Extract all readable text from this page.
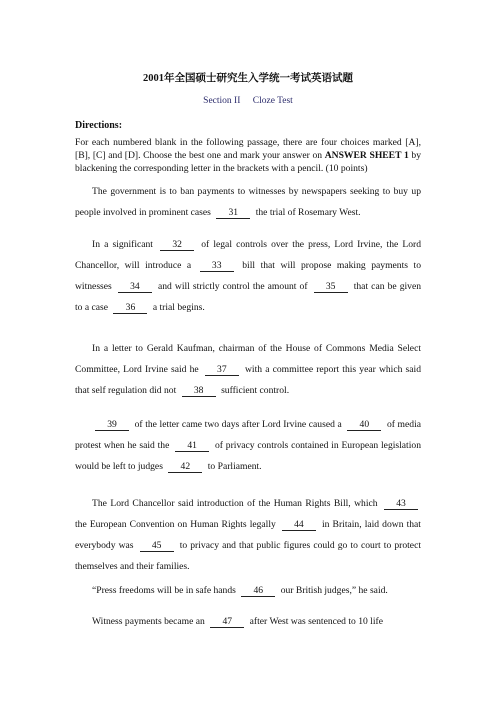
2001年全国硕士研究生入学统一考试英语试题
Section II Cloze Test
Directions:
For each numbered blank in the following passage, there are four choices marked [A], [B], [C] and [D]. Choose the best one and mark your answer on ANSWER SHEET 1 by blackening the corresponding letter in the brackets with a pencil. (10 points)
The government is to ban payments to witnesses by newspapers seeking to buy up people involved in prominent cases 31 the trial of Rosemary West.
In a significant 32 of legal controls over the press, Lord Irvine, the Lord Chancellor, will introduce a 33 bill that will propose making payments to witnesses 34 and will strictly control the amount of 35 that can be given to a case 36 a trial begins.
In a letter to Gerald Kaufman, chairman of the House of Commons Media Select Committee, Lord Irvine said he 37 with a committee report this year which said that self regulation did not 38 sufficient control.
39 of the letter came two days after Lord Irvine caused a 40 of media protest when he said the 41 of privacy controls contained in European legislation would be left to judges 42 to Parliament.
The Lord Chancellor said introduction of the Human Rights Bill, which 43 the European Convention on Human Rights legally 44 in Britain, laid down that everybody was 45 to privacy and that public figures could go to court to protect themselves and their families.
“Press freedoms will be in safe hands 46 our British judges,” he said.
Witness payments became an 47 after West was sentenced to 10 life
